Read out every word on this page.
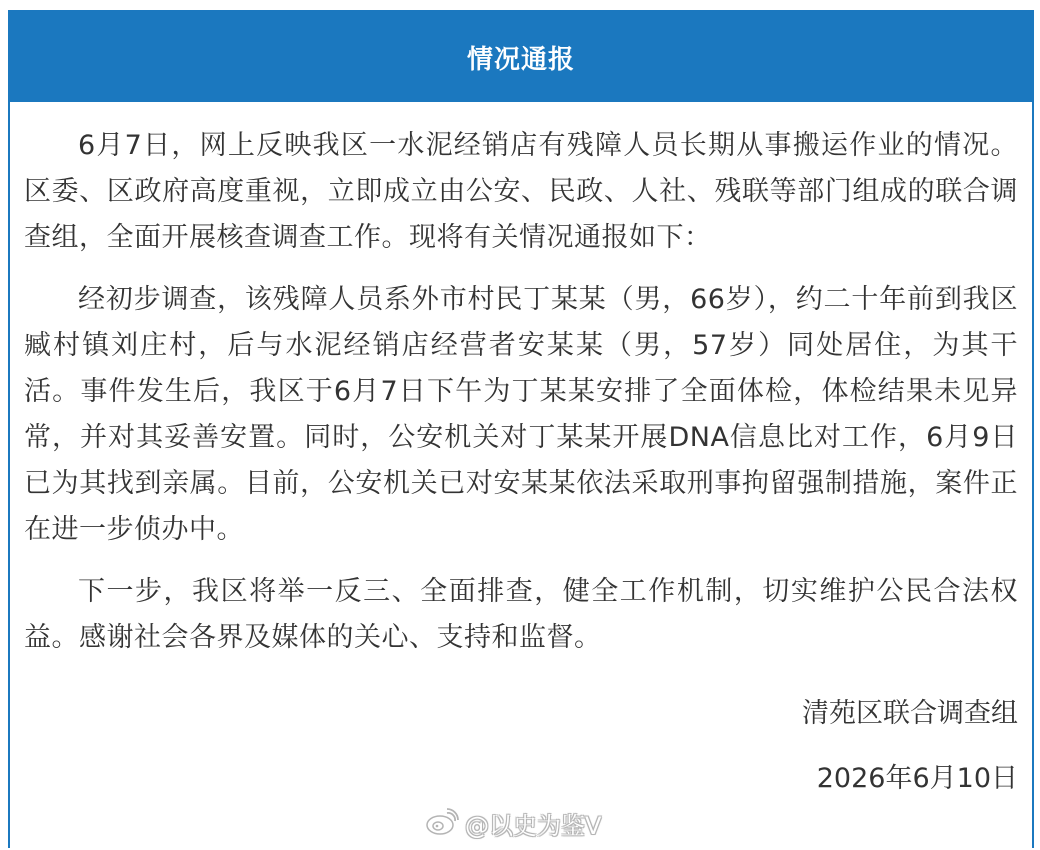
情况通报

6月7日，网上反映我区一水泥经销店有残障人员长期从事搬运作业的情况。区委、区政府高度重视，立即成立由公安、民政、人社、残联等部门组成的联合调查组，全面开展核查调查工作。现将有关情况通报如下：

经初步调查，该残障人员系外市村民丁某某（男，66岁），约二十年前到我区臧村镇刘庄村，后与水泥经销店经营者安某某（男，57岁）同处居住，为其干活。事件发生后，我区于6月7日下午为丁某某安排了全面体检，体检结果未见异常，并对其妥善安置。同时，公安机关对丁某某开展DNA信息比对工作，6月9日已为其找到亲属。目前，公安机关已对安某某依法采取刑事拘留强制措施，案件正在进一步侦办中。

下一步，我区将举一反三、全面排查，健全工作机制，切实维护公民合法权益。感谢社会各界及媒体的关心、支持和监督。

清苑区联合调查组
2026年6月10日
@以史为鉴V
